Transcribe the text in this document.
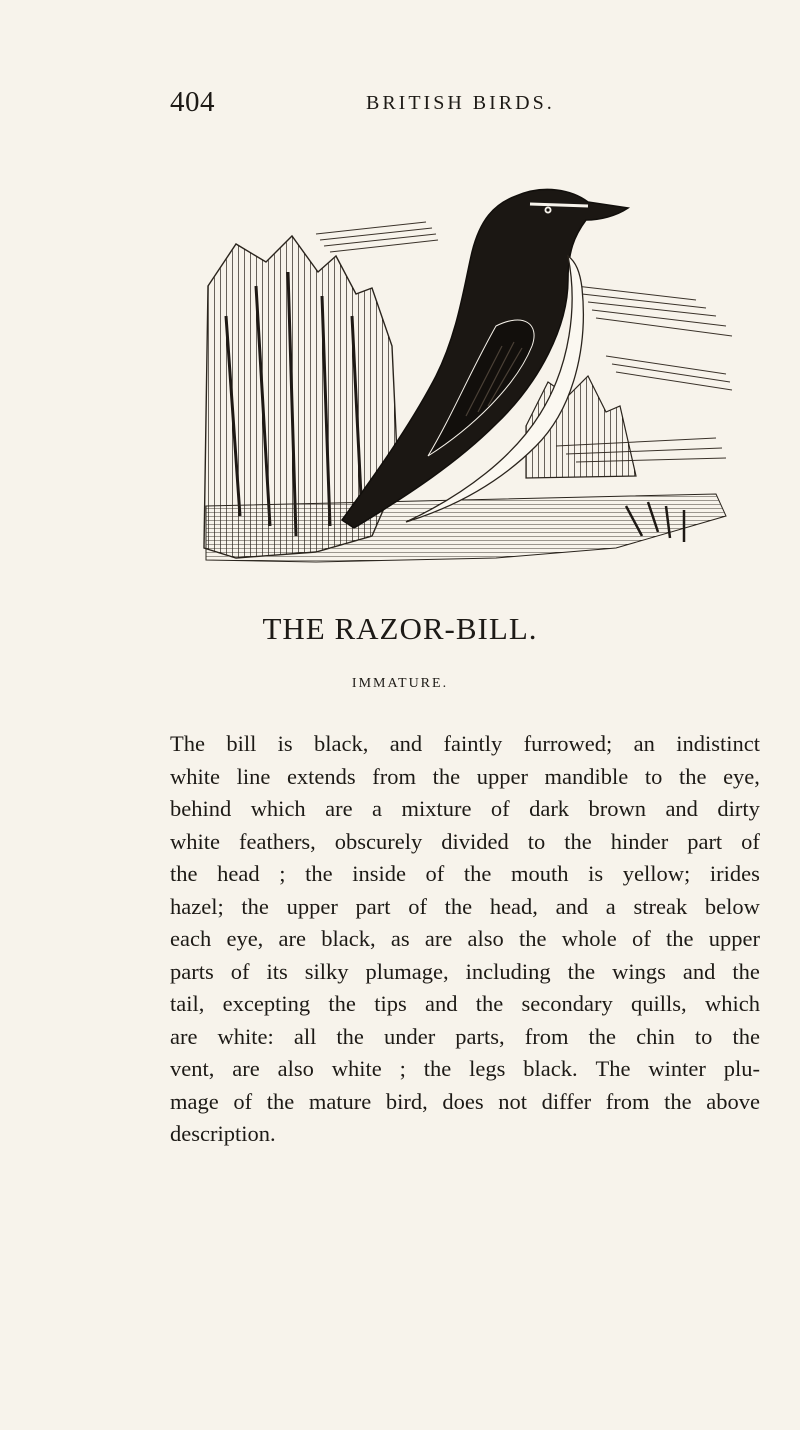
404	BRITISH BIRDS.
THE RAZOR-BILL.
IMMATURE.
The bill is black, and faintly furrowed; an indistinct
white line extends from the upper mandible to the eye,
behind which are a mixture of dark brown and dirty
white feathers, obscurely divided to the hinder part of
the head ; the inside of the mouth is yellow; irides
hazel; the upper part of the head, and a streak below
each eye, are black, as are also the whole of the upper
parts of its silky plumage, including the wings and the
tail, excepting the tips and the secondary quills, which
are white: all the under parts, from the chin to the
vent, are also white ; the legs black. The winter plu-
mage of the mature bird, does not differ from the above
description.
